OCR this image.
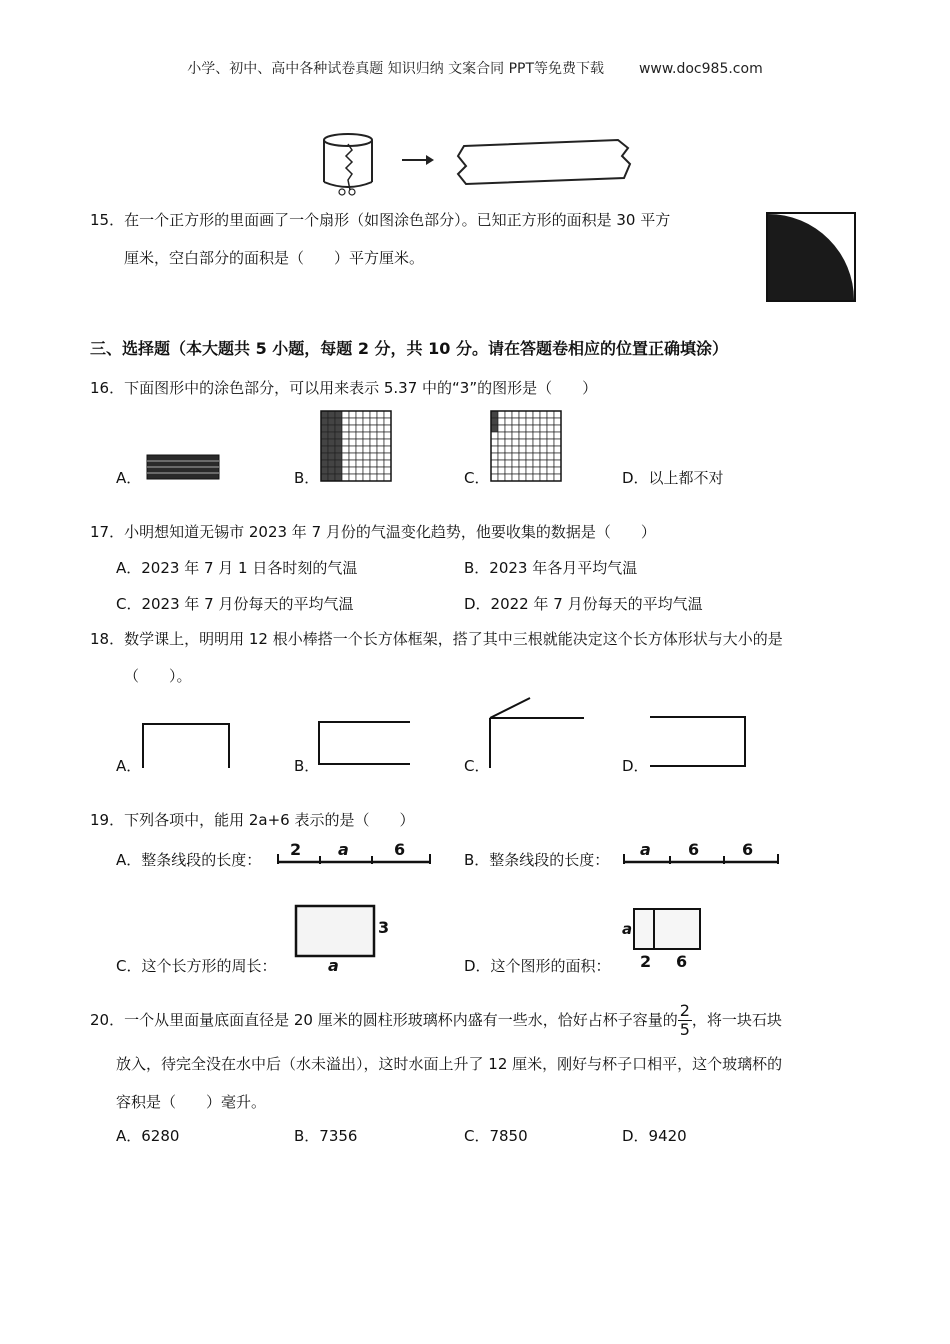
小学、初中、高中各种试卷真题 知识归纳 文案合同 PPT等免费下载 www.doc985.com
15．在一个正方形的里面画了一个扇形（如图涂色部分）。已知正方形的面积是 30 平方
厘米，空白部分的面积是（　　）平方厘米。
三、选择题（本大题共 5 小题，每题 2 分，共 10 分。请在答题卷相应的位置正确填涂）
16．下面图形中的涂色部分，可以用来表示 5.37 中的“3”的图形是（　　）
A．	B．	C．	D．以上都不对
17．小明想知道无锡市 2023 年 7 月份的气温变化趋势，他要收集的数据是（　　）
A．2023 年 7 月 1 日各时刻的气温	B．2023 年各月平均气温
C．2023 年 7 月份每天的平均气温	D．2022 年 7 月份每天的平均气温
18．数学课上，明明用 12 根小棒搭一个长方体框架，搭了其中三根就能决定这个长方体形状与大小的是
（　　）。
A．	B．	C．	D．
19．下列各项中，能用 2a+6 表示的是（　　）
A．整条线段的长度：
2 a	6
B．整条线段的长度：
a 6	6
C．这个长方形的周长：
3
a	D．这个图形的面积：
a
2 6
20．一个从里面量底面直径是 20 厘米的圆柱形玻璃杯内盛有一些水，恰好占杯子容量的 $\frac{2}{5}$ ，将一块石块
放入，待完全没在水中后（水未溢出），这时水面上升了 12 厘米，刚好与杯子口相平，这个玻璃杯的
容积是（　　）毫升。
A．6280	B．7356	C．7850	D．9420
